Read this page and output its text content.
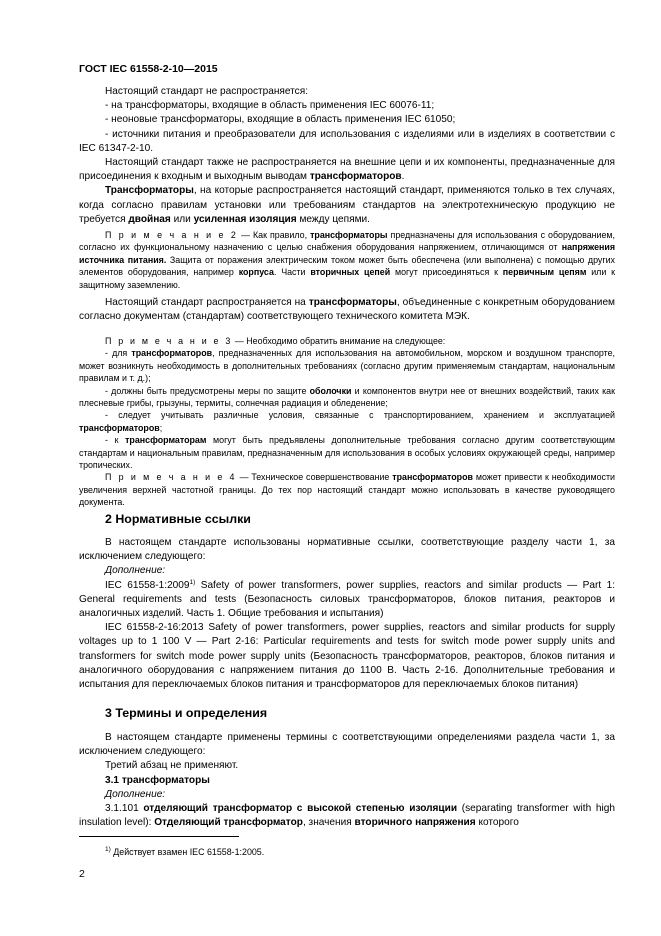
ГОСТ IEC 61558-2-10—2015

Настоящий стандарт не распространяется:

- на трансформаторы, входящие в область применения IEC 60076-11;

- неоновые трансформаторы, входящие в область применения IEC 61050;

- источники питания и преобразователи для использования с изделиями или в изделиях в соответствии с IEC 61347-2-10.

Настоящий стандарт также не распространяется на внешние цепи и их компоненты, предназначенные для присоединения к входным и выходным выводам трансформаторов.

Трансформаторы, на которые распространяется настоящий стандарт, применяются только в тех случаях, когда согласно правилам установки или требованиям стандартов на электротехническую продукцию не требуется двойная или усиленная изоляция между цепями.

П р и м е ч а н и е 2 — Как правило, трансформаторы предназначены для использования с оборудованием, согласно их функциональному назначению с целью снабжения оборудования напряжением, отличающимся от напряжения источника питания. Защита от поражения электрическим током может быть обеспечена (или выполнена) с помощью других элементов оборудования, например корпуса. Части вторичных цепей могут присоединяться к первичным цепям или к защитному заземлению.

Настоящий стандарт распространяется на трансформаторы, объединенные с конкретным оборудованием согласно документам (стандартам) соответствующего технического комитета МЭК.

П р и м е ч а н и е 3 — Необходимо обратить внимание на следующее:

- для трансформаторов, предназначенных для использования на автомобильном, морском и воздушном транспорте, может возникнуть необходимость в дополнительных требованиях (согласно другим применяемым стандартам, национальным правилам и т. д.);

- должны быть предусмотрены меры по защите оболочки и компонентов внутри нее от внешних воздействий, таких как плесневые грибы, грызуны, термиты, солнечная радиация и обледенение;

- следует учитывать различные условия, связанные с транспортированием, хранением и эксплуатацией трансформаторов;

- к трансформаторам могут быть предъявлены дополнительные требования согласно другим соответствующим стандартам и национальным правилам, предназначенным для использования в особых условиях окружающей среды, например тропических.

П р и м е ч а н и е 4 — Техническое совершенствование трансформаторов может привести к необходимости увеличения верхней частотной границы. До тех пор настоящий стандарт можно использовать в качестве руководящего документа.

2 Нормативные ссылки

В настоящем стандарте использованы нормативные ссылки, соответствующие разделу части 1, за исключением следующего:

Дополнение:

IEC 61558-1:2009$^{1)}$ Safety of power transformers, power supplies, reactors and similar products — Part 1: General requirements and tests (Безопасность силовых трансформаторов, блоков питания, реакторов и аналогичных изделий. Часть 1. Общие требования и испытания)

IEC 61558-2-16:2013 Safety of power transformers, power supplies, reactors and similar products for supply voltages up to 1 100 V — Part 2-16: Particular requirements and tests for switch mode power supply units and transformers for switch mode power supply units (Безопасность трансформаторов, реакторов, блоков питания и аналогичного оборудования с напряжением питания до 1100 В. Часть 2-16. Дополнительные требования и испытания для переключаемых блоков питания и трансформаторов для переключаемых блоков питания)

3 Термины и определения

В настоящем стандарте применены термины с соответствующими определениями раздела части 1, за исключением следующего:

Третий абзац не применяют.

3.1 трансформаторы

Дополнение:

3.1.101 отделяющий трансформатор с высокой степенью изоляции (separating transformer with high insulation level): Отделяющий трансформатор, значения вторичного напряжения которого

$^{1)}$ Действует взамен IEC 61558-1:2005.
2
